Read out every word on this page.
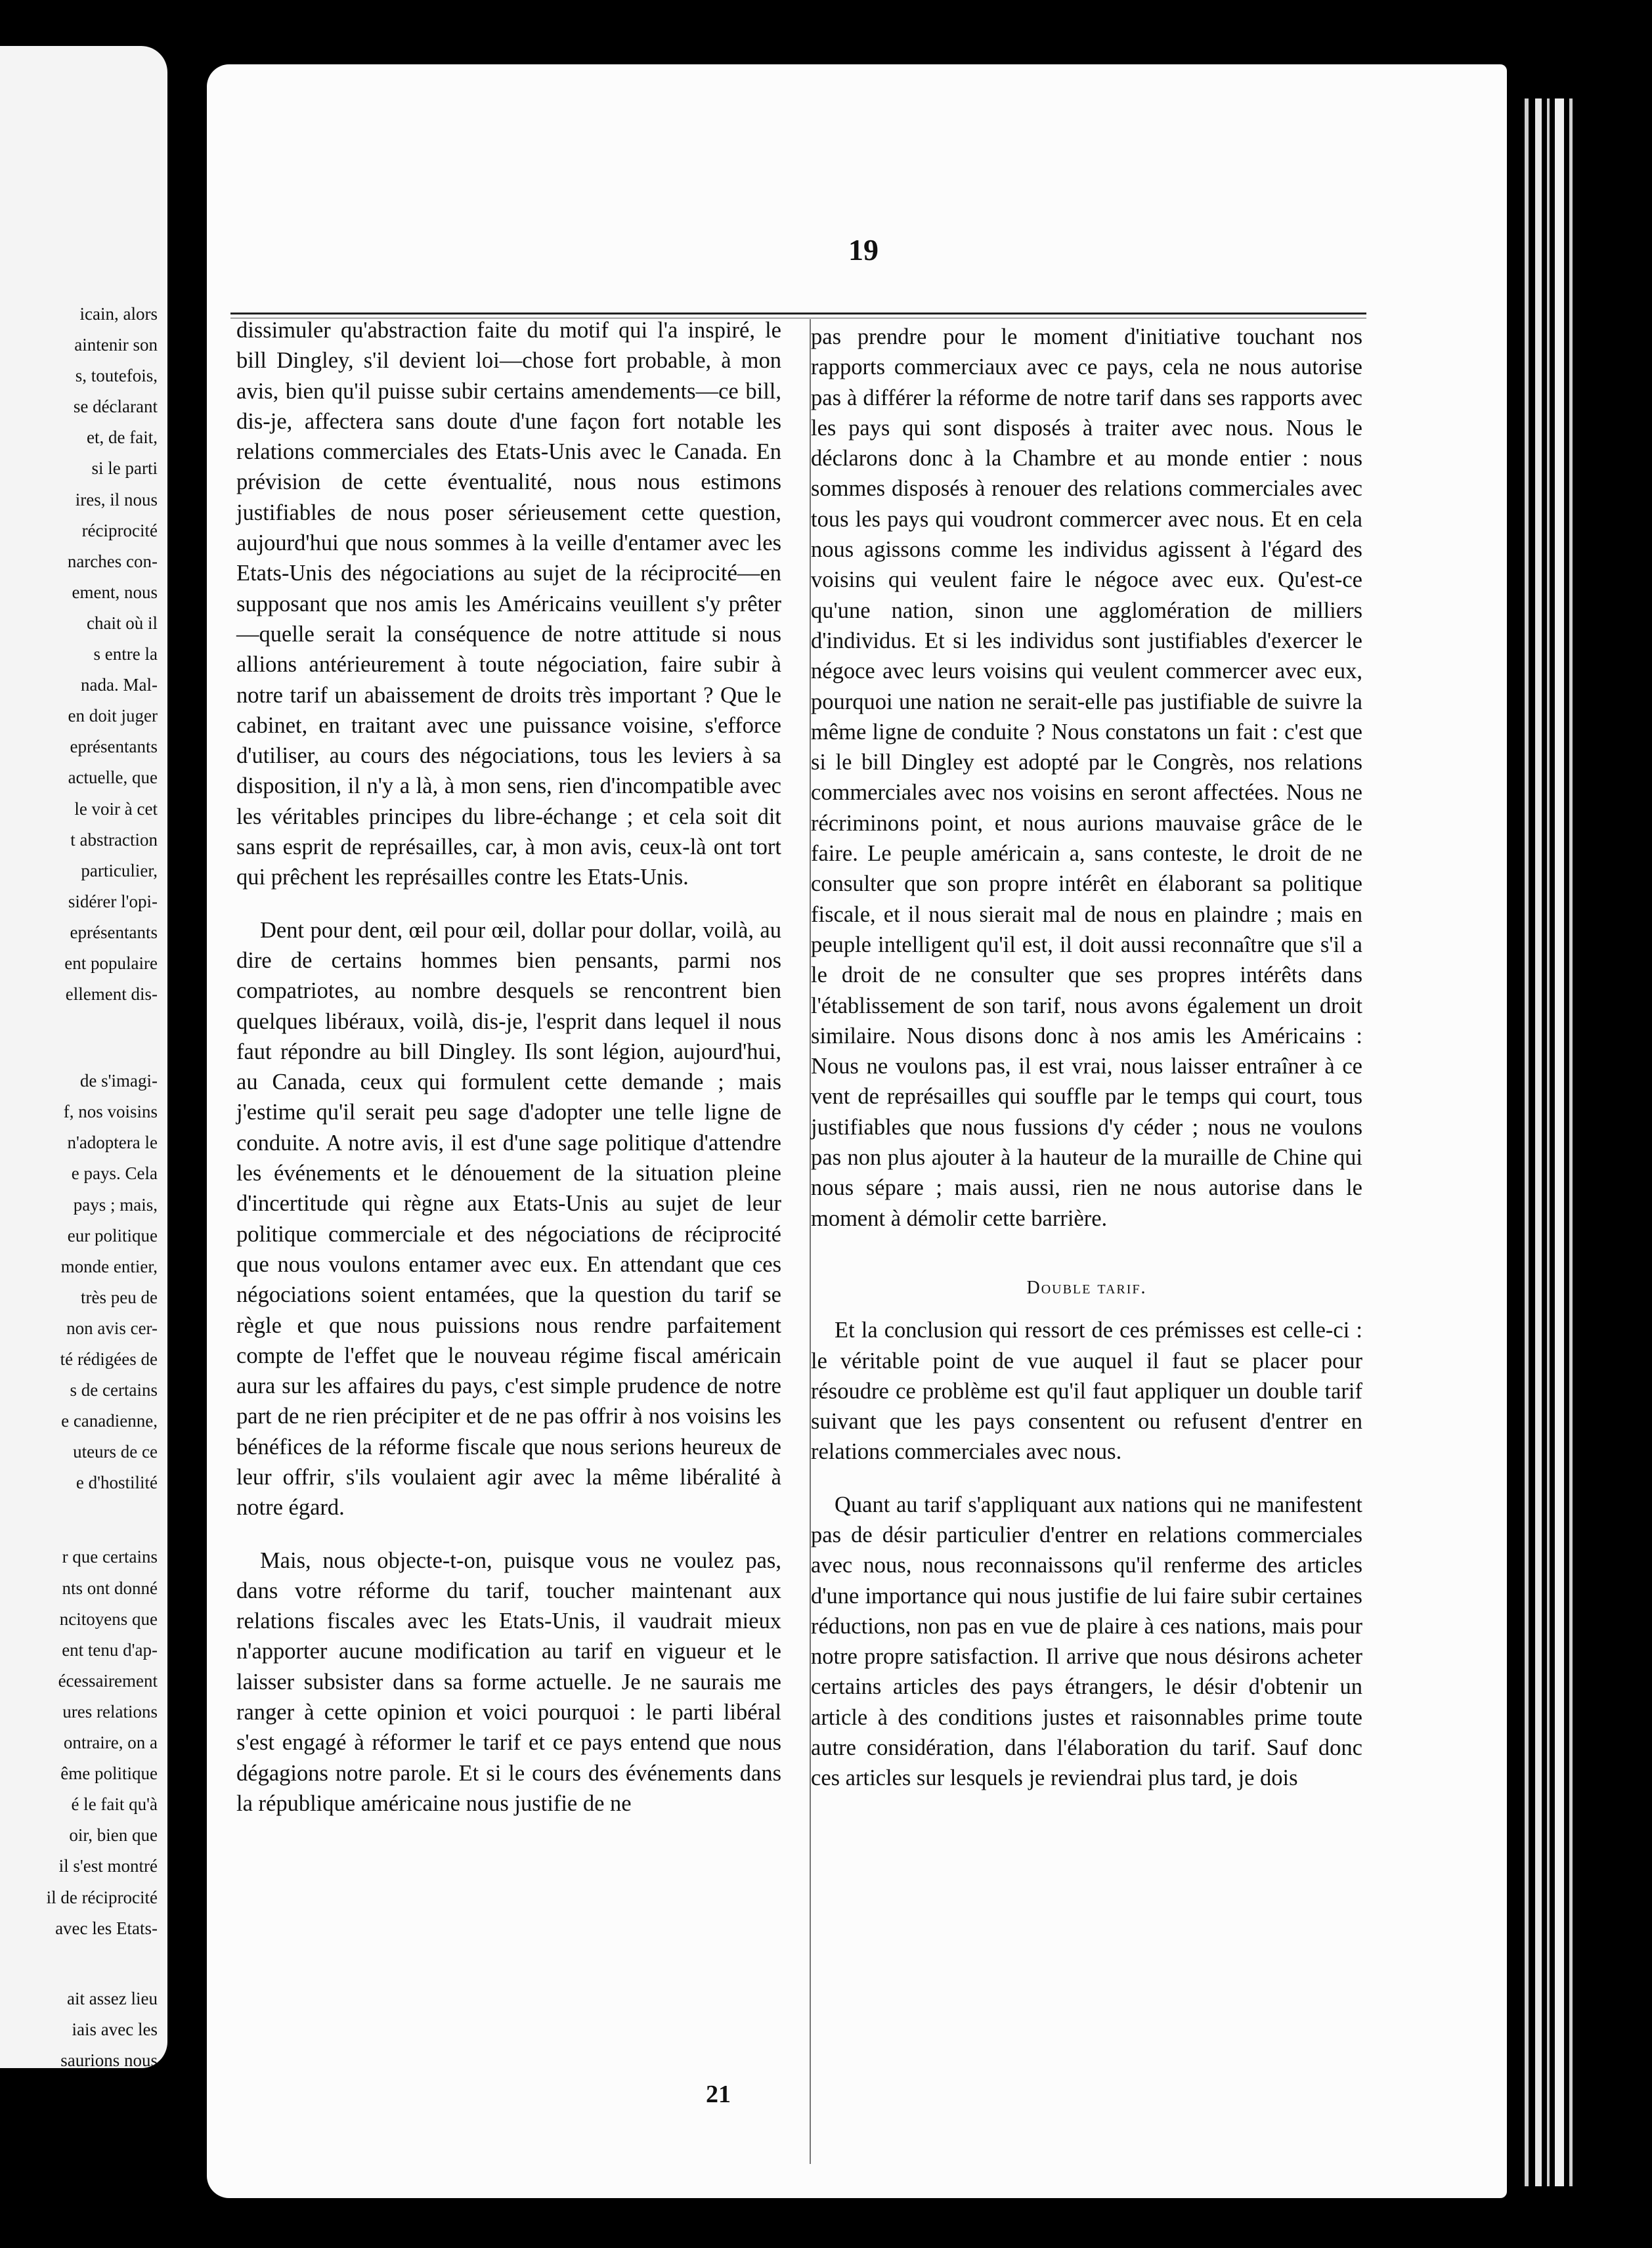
icain, alors
aintenir son
s, toutefois,
se déclarant
et, de fait,
si le parti
ires, il nous
réciprocité
narches con-
ement, nous
chait où il
s entre la
nada. Mal-
en doit juger
eprésentants
actuelle, que
le voir à cet
t abstraction
particulier,
sidérer l'opi-
eprésentants
ent populaire
ellement dis-
de s'imagi-
f, nos voisins
n'adoptera le
e pays. Cela
pays ; mais,
eur politique
monde entier,
très peu de
non avis cer-
té rédigées de
s de certains
e canadienne,
uteurs de ce
e d'hostilité
r que certains
nts ont donné
ncitoyens que
ent tenu d'ap-
écessairement
ures relations
ontraire, on a
ême politique
é le fait qu'à
oir, bien que
il s'est montré
il de réciprocité
avec les Etats-
ait assez lieu
iais avec les
saurions nous
19

dissimuler qu'abstraction faite du motif qui l'a inspiré, le bill Dingley, s'il devient loi—chose fort probable, à mon avis, bien qu'il puisse subir certains amendements—ce bill, dis-je, affectera sans doute d'une façon fort notable les relations commerciales des Etats-Unis avec le Canada. En prévision de cette éventualité, nous nous estimons justifiables de nous poser sérieusement cette question, aujourd'hui que nous sommes à la veille d'entamer avec les Etats-Unis des négociations au sujet de la réciprocité—en supposant que nos amis les Américains veuillent s'y prêter—quelle serait la conséquence de notre attitude si nous allions antérieurement à toute négociation, faire subir à notre tarif un abaissement de droits très important ? Que le cabinet, en traitant avec une puissance voisine, s'efforce d'utiliser, au cours des négociations, tous les leviers à sa disposition, il n'y a là, à mon sens, rien d'incompatible avec les véritables principes du libre-échange ; et cela soit dit sans esprit de représailles, car, à mon avis, ceux-là ont tort qui prêchent les représailles contre les Etats-Unis.

Dent pour dent, œil pour œil, dollar pour dollar, voilà, au dire de certains hommes bien pensants, parmi nos compatriotes, au nombre desquels se rencontrent bien quelques libéraux, voilà, dis-je, l'esprit dans lequel il nous faut répondre au bill Dingley. Ils sont légion, aujourd'hui, au Canada, ceux qui formulent cette demande ; mais j'estime qu'il serait peu sage d'adopter une telle ligne de conduite. A notre avis, il est d'une sage politique d'attendre les événements et le dénouement de la situation pleine d'incertitude qui règne aux Etats-Unis au sujet de leur politique commerciale et des négociations de réciprocité que nous voulons entamer avec eux. En attendant que ces négociations soient entamées, que la question du tarif se règle et que nous puissions nous rendre parfaitement compte de l'effet que le nouveau régime fiscal américain aura sur les affaires du pays, c'est simple prudence de notre part de ne rien précipiter et de ne pas offrir à nos voisins les bénéfices de la réforme fiscale que nous serions heureux de leur offrir, s'ils voulaient agir avec la même libéralité à notre égard.

Mais, nous objecte-t-on, puisque vous ne voulez pas, dans votre réforme du tarif, toucher maintenant aux relations fiscales avec les Etats-Unis, il vaudrait mieux n'apporter aucune modification au tarif en vigueur et le laisser subsister dans sa forme actuelle. Je ne saurais me ranger à cette opinion et voici pourquoi : le parti libéral s'est engagé à réformer le tarif et ce pays entend que nous dégagions notre parole. Et si le cours des événements dans la république américaine nous justifie de ne

pas prendre pour le moment d'initiative touchant nos rapports commerciaux avec ce pays, cela ne nous autorise pas à différer la réforme de notre tarif dans ses rapports avec les pays qui sont disposés à traiter avec nous. Nous le déclarons donc à la Chambre et au monde entier : nous sommes disposés à renouer des relations commerciales avec tous les pays qui voudront commercer avec nous. Et en cela nous agissons comme les individus agissent à l'égard des voisins qui veulent faire le négoce avec eux. Qu'est-ce qu'une nation, sinon une agglomération de milliers d'individus. Et si les individus sont justifiables d'exercer le négoce avec leurs voisins qui veulent commercer avec eux, pourquoi une nation ne serait-elle pas justifiable de suivre la même ligne de conduite ? Nous constatons un fait : c'est que si le bill Dingley est adopté par le Congrès, nos relations commerciales avec nos voisins en seront affectées. Nous ne récriminons point, et nous aurions mauvaise grâce de le faire. Le peuple américain a, sans conteste, le droit de ne consulter que son propre intérêt en élaborant sa politique fiscale, et il nous sierait mal de nous en plaindre ; mais en peuple intelligent qu'il est, il doit aussi reconnaître que s'il a le droit de ne consulter que ses propres intérêts dans l'établissement de son tarif, nous avons également un droit similaire. Nous disons donc à nos amis les Américains : Nous ne voulons pas, il est vrai, nous laisser entraîner à ce vent de représailles qui souffle par le temps qui court, tous justifiables que nous fussions d'y céder ; nous ne voulons pas non plus ajouter à la hauteur de la muraille de Chine qui nous sépare ; mais aussi, rien ne nous autorise dans le moment à démolir cette barrière.

Double tarif.

Et la conclusion qui ressort de ces prémisses est celle-ci : le véritable point de vue auquel il faut se placer pour résoudre ce problème est qu'il faut appliquer un double tarif suivant que les pays consentent ou refusent d'entrer en relations commerciales avec nous.

Quant au tarif s'appliquant aux nations qui ne manifestent pas de désir particulier d'entrer en relations commerciales avec nous, nous reconnaissons qu'il renferme des articles d'une importance qui nous justifie de lui faire subir certaines réductions, non pas en vue de plaire à ces nations, mais pour notre propre satisfaction. Il arrive que nous désirons acheter certains articles des pays étrangers, le désir d'obtenir un article à des conditions justes et raisonnables prime toute autre considération, dans l'élaboration du tarif. Sauf donc ces articles sur lesquels je reviendrai plus tard, je dois

21
